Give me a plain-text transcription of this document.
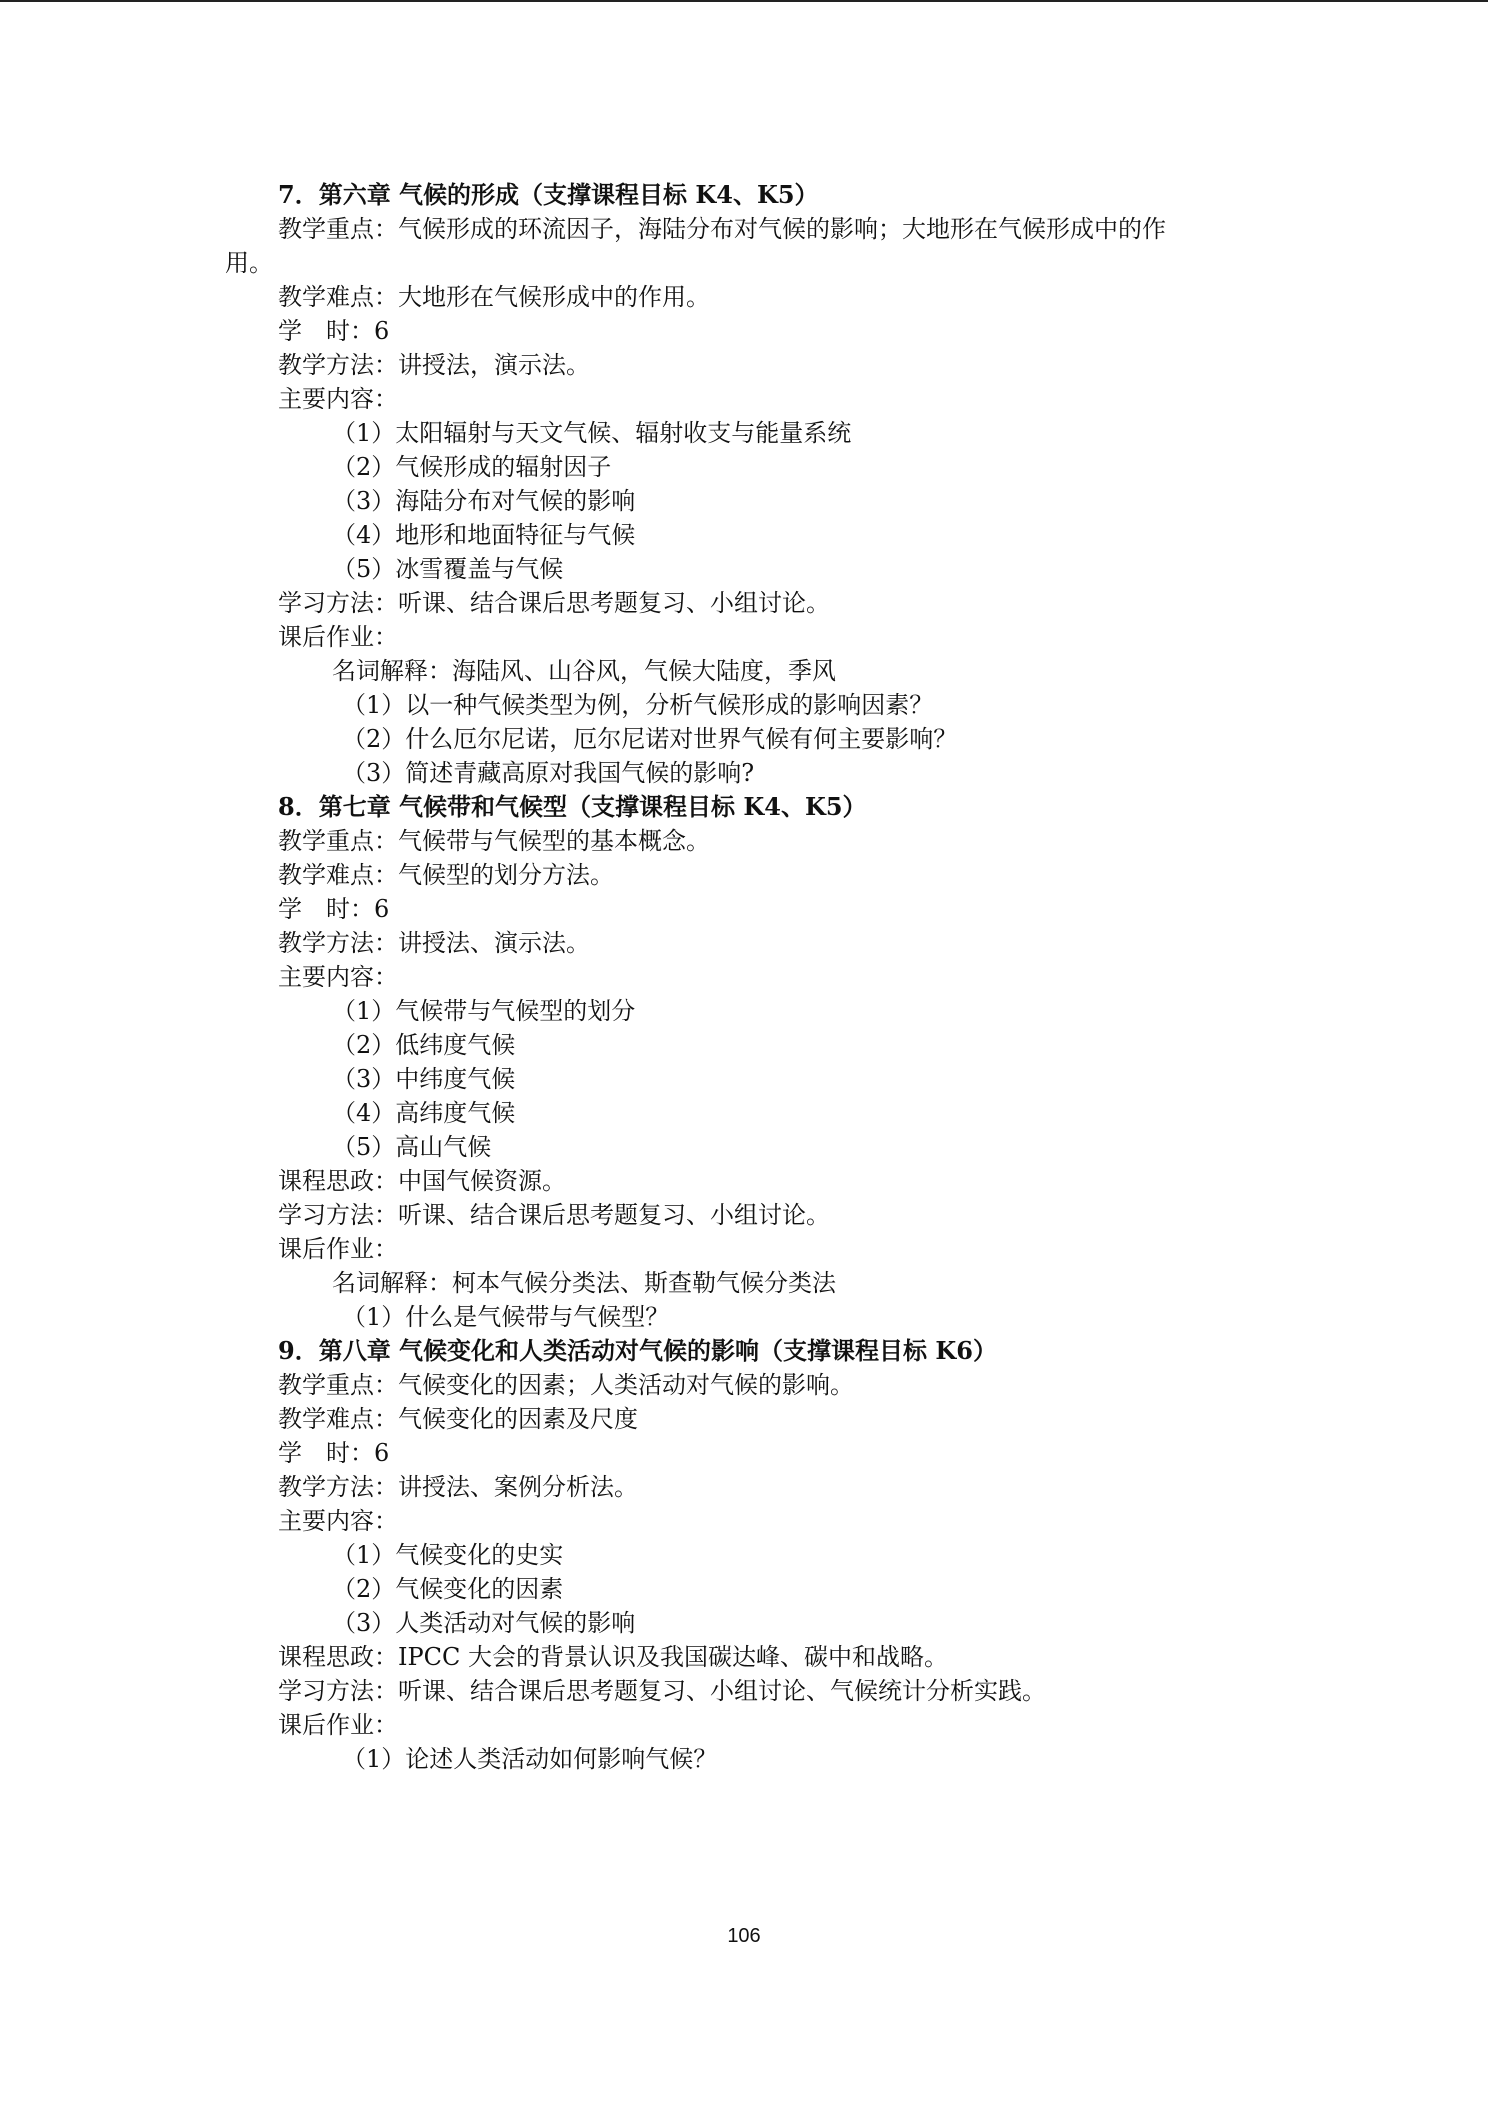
7．第六章 气候的形成（支撑课程目标 K4、K5）
教学重点：气候形成的环流因子，海陆分布对气候的影响；大地形在气候形成中的作
用。
教学难点：大地形在气候形成中的作用。
学　时：6
教学方法：讲授法，演示法。
主要内容：
（1）太阳辐射与天文气候、辐射收支与能量系统
（2）气候形成的辐射因子
（3）海陆分布对气候的影响
（4）地形和地面特征与气候
（5）冰雪覆盖与气候
学习方法：听课、结合课后思考题复习、小组讨论。
课后作业：
名词解释：海陆风、山谷风，气候大陆度，季风
（1）以一种气候类型为例，分析气候形成的影响因素？
（2）什么厄尔尼诺，厄尔尼诺对世界气候有何主要影响？
（3）简述青藏高原对我国气候的影响?
8．第七章 气候带和气候型（支撑课程目标 K4、K5）
教学重点：气候带与气候型的基本概念。
教学难点：气候型的划分方法。
学　时：6
教学方法：讲授法、演示法。
主要内容：
（1）气候带与气候型的划分
（2）低纬度气候
（3）中纬度气候
（4）高纬度气候
（5）高山气候
课程思政：中国气候资源。
学习方法：听课、结合课后思考题复习、小组讨论。
课后作业：
名词解释：柯本气候分类法、斯查勒气候分类法
（1）什么是气候带与气候型？
9．第八章 气候变化和人类活动对气候的影响（支撑课程目标 K6）
教学重点：气候变化的因素；人类活动对气候的影响。
教学难点：气候变化的因素及尺度
学　时：6
教学方法：讲授法、案例分析法。
主要内容：
（1）气候变化的史实
（2）气候变化的因素
（3）人类活动对气候的影响
课程思政：IPCC 大会的背景认识及我国碳达峰、碳中和战略。
学习方法：听课、结合课后思考题复习、小组讨论、气候统计分析实践。
课后作业：
（1）论述人类活动如何影响气候？
106
